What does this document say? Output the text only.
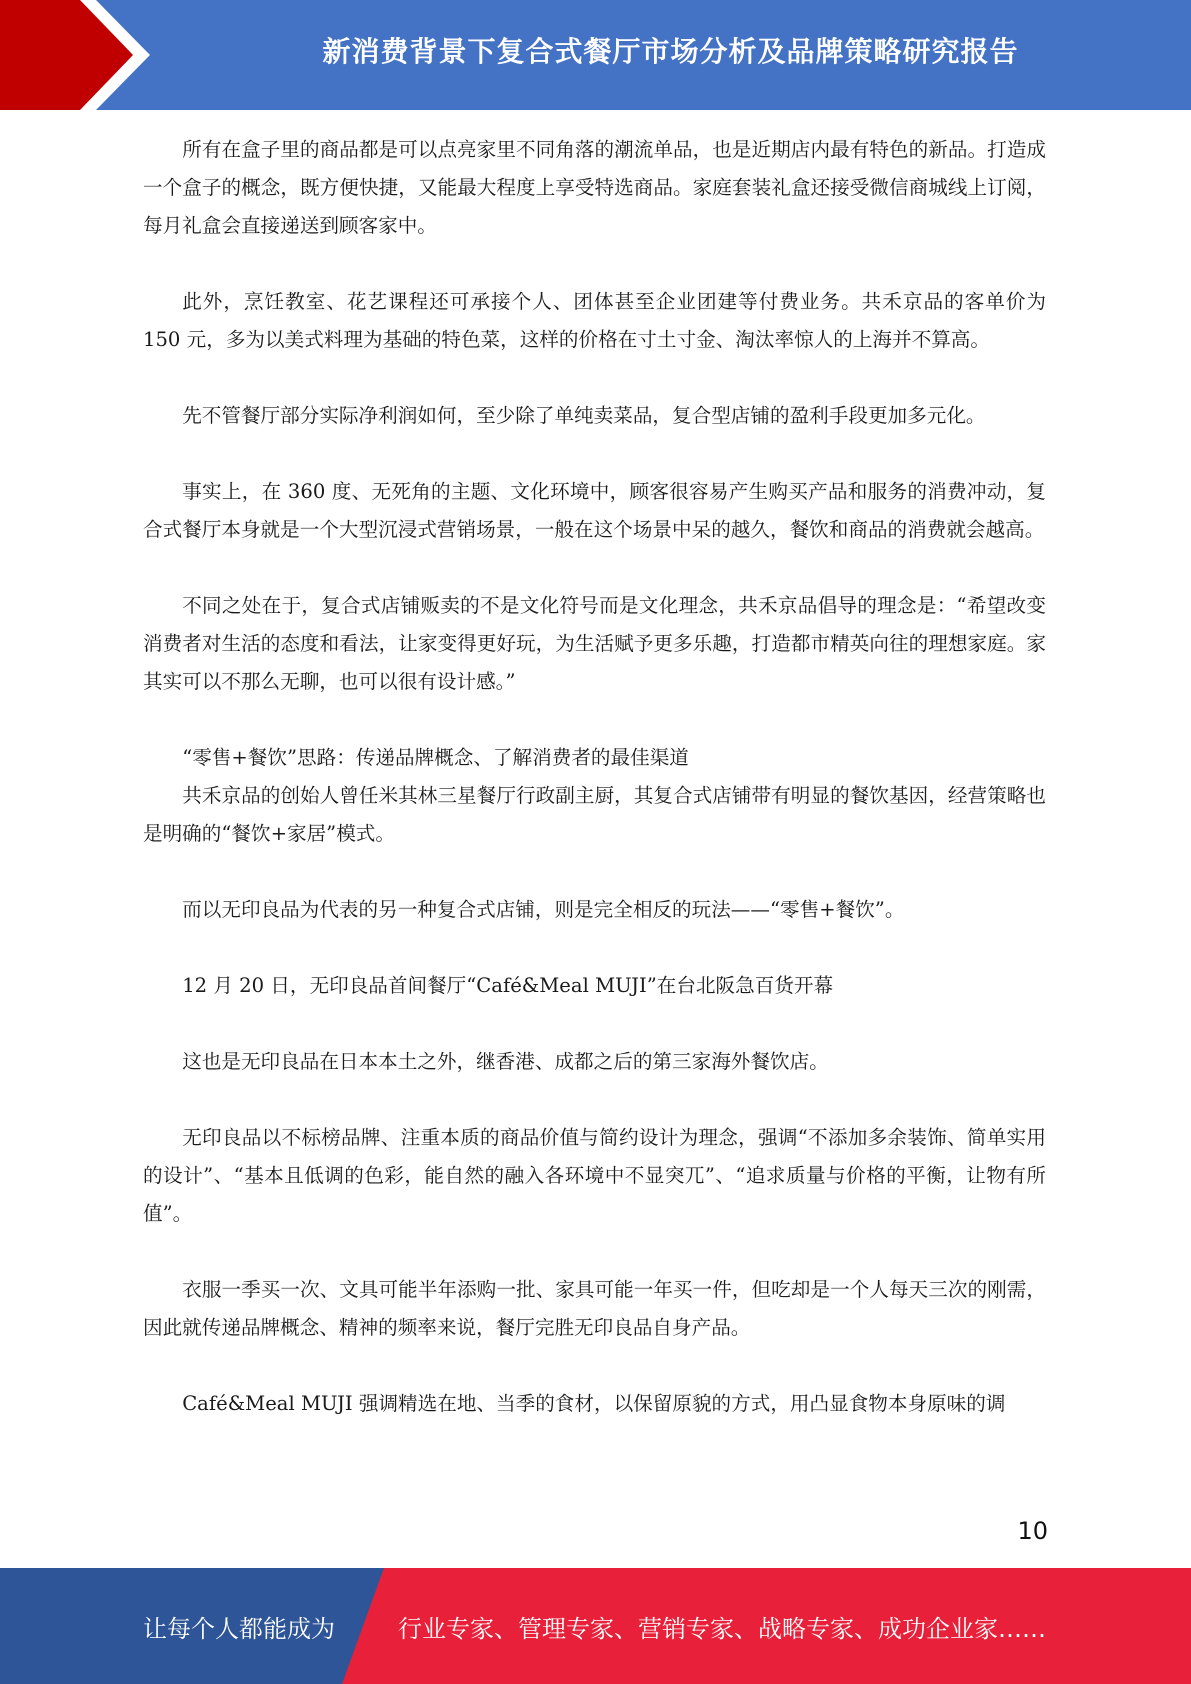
新消费背景下复合式餐厅市场分析及品牌策略研究报告

所有在盒子里的商品都是可以点亮家里不同角落的潮流单品，也是近期店内最有特色的新品。打造成一个盒子的概念，既方便快捷，又能最大程度上享受特选商品。家庭套装礼盒还接受微信商城线上订阅，每月礼盒会直接递送到顾客家中。

此外，烹饪教室、花艺课程还可承接个人、团体甚至企业团建等付费业务。共禾京品的客单价为 150 元，多为以美式料理为基础的特色菜，这样的价格在寸土寸金、淘汰率惊人的上海并不算高。

先不管餐厅部分实际净利润如何，至少除了单纯卖菜品，复合型店铺的盈利手段更加多元化。

事实上，在 360 度、无死角的主题、文化环境中，顾客很容易产生购买产品和服务的消费冲动，复合式餐厅本身就是一个大型沉浸式营销场景，一般在这个场景中呆的越久，餐饮和商品的消费就会越高。

不同之处在于，复合式店铺贩卖的不是文化符号而是文化理念，共禾京品倡导的理念是：“希望改变消费者对生活的态度和看法，让家变得更好玩，为生活赋予更多乐趣，打造都市精英向往的理想家庭。家其实可以不那么无聊，也可以很有设计感。”

“零售+餐饮”思路：传递品牌概念、了解消费者的最佳渠道

共禾京品的创始人曾任米其林三星餐厅行政副主厨，其复合式店铺带有明显的餐饮基因，经营策略也是明确的“餐饮+家居”模式。

而以无印良品为代表的另一种复合式店铺，则是完全相反的玩法——“零售+餐饮”。

12 月 20 日，无印良品首间餐厅“Café&Meal MUJI”在台北阪急百货开幕

这也是无印良品在日本本土之外，继香港、成都之后的第三家海外餐饮店。

无印良品以不标榜品牌、注重本质的商品价值与简约设计为理念，强调“不添加多余装饰、简单实用的设计”、“基本且低调的色彩，能自然的融入各环境中不显突兀”、“追求质量与价格的平衡，让物有所值”。

衣服一季买一次、文具可能半年添购一批、家具可能一年买一件，但吃却是一个人每天三次的刚需，因此就传递品牌概念、精神的频率来说，餐厅完胜无印良品自身产品。

Café&Meal MUJI 强调精选在地、当季的食材，以保留原貌的方式，用凸显食物本身原味的调

10
让每个人都能成为	行业专家、管理专家、营销专家、战略专家、成功企业家……
